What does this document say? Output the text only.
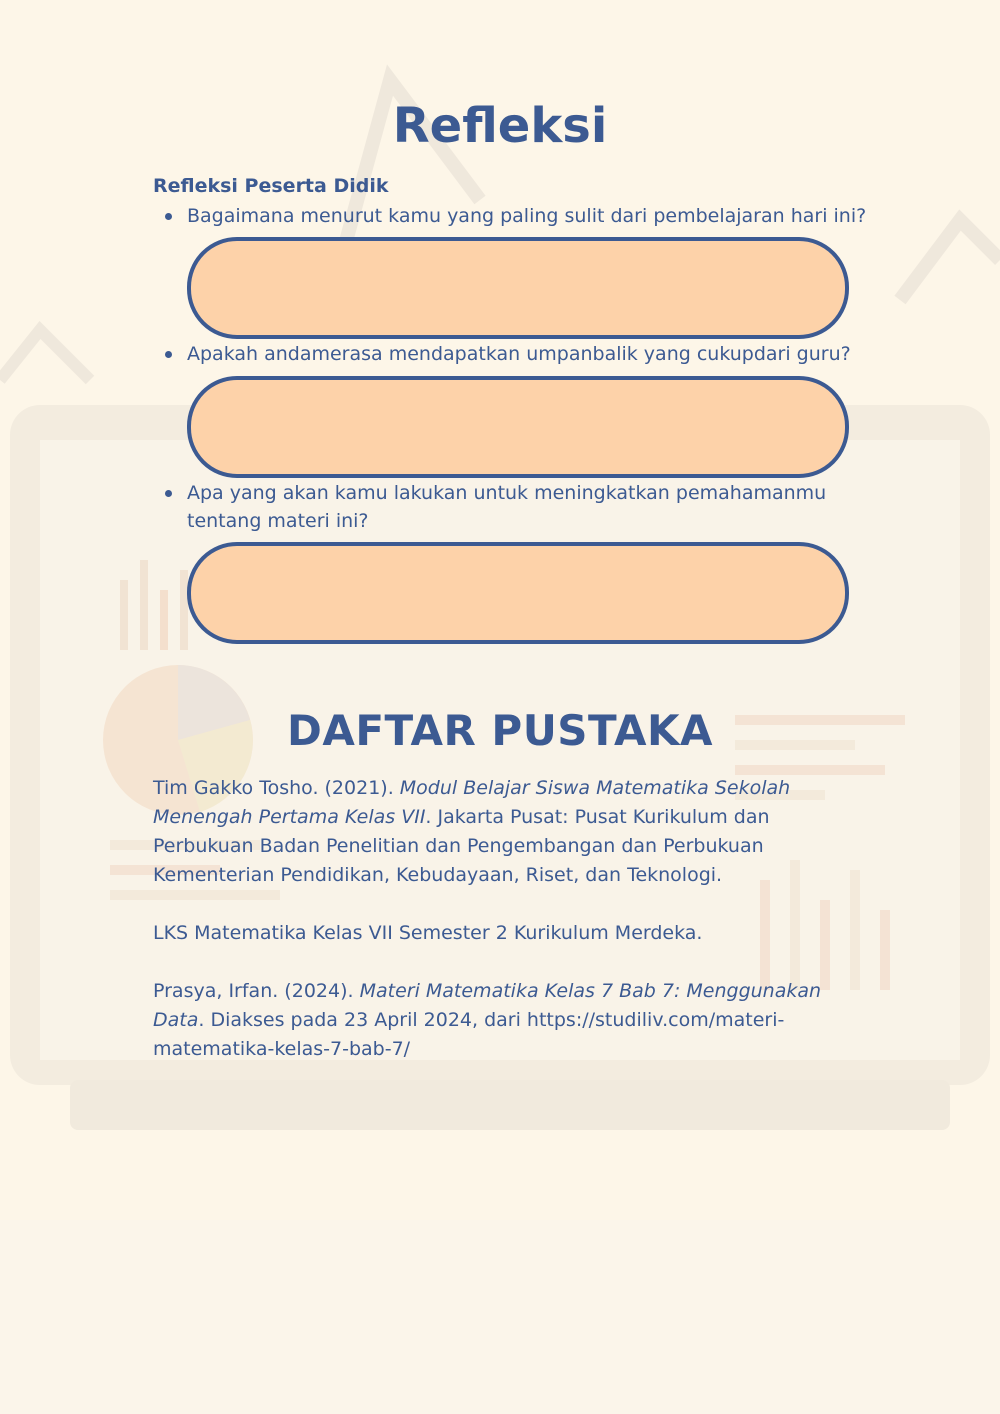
Refleksi
Refleksi Peserta Didik
Bagaimana menurut kamu yang paling sulit dari pembelajaran hari ini?
Apakah andamerasa mendapatkan umpanbalik yang cukupdari guru?
Apa yang akan kamu lakukan untuk meningkatkan pemahamanmu tentang materi ini?
DAFTAR PUSTAKA

Tim Gakko Tosho. (2021). Modul Belajar Siswa Matematika Sekolah Menengah Pertama Kelas VII. Jakarta Pusat: Pusat Kurikulum dan Perbukuan Badan Penelitian dan Pengembangan dan Perbukuan Kementerian Pendidikan, Kebudayaan, Riset, dan Teknologi.

LKS Matematika Kelas VII Semester 2 Kurikulum Merdeka.

Prasya, Irfan. (2024). Materi Matematika Kelas 7 Bab 7: Menggunakan Data. Diakses pada 23 April 2024, dari https://studiliv.com/materi-matematika-kelas-7-bab-7/
